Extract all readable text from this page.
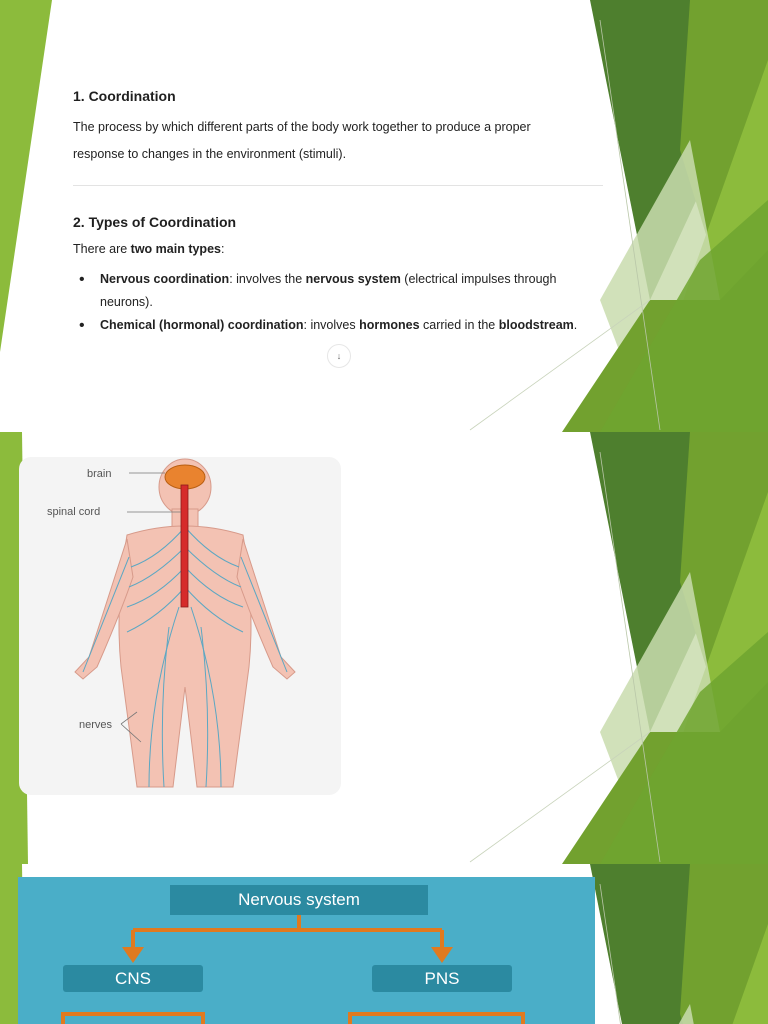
1. Coordination

The process by which different parts of the body work together to produce a proper
response to changes in the environment (stimuli).

2. Types of Coordination

There are two main types:

• Nervous coordination: involves the nervous system (electrical impulses through neurons).
• Chemical (hormonal) coordination: involves hormones carried in the bloodstream.
↓
brain
spinal cord
nerves
Nervous system
CNS	PNS
